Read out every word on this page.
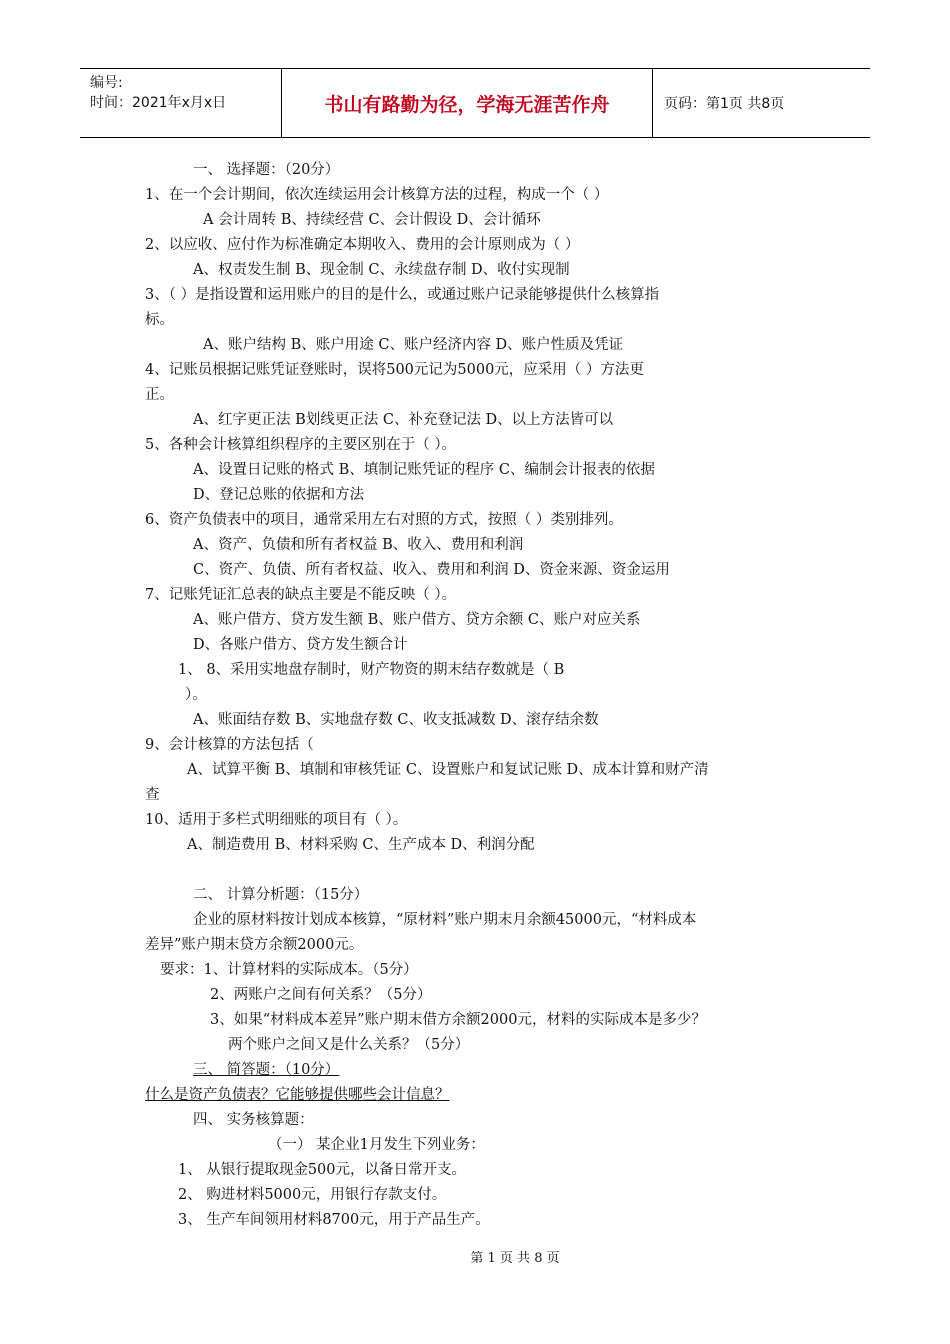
编号:
时间：2021年x月x日	书山有路勤为径，学海无涯苦作舟	页码：第1页 共8页
一、 选择题：（20分）
1、在一个会计期间，依次连续运用会计核算方法的过程，构成一个（ ）
A 会计周转 B、持续经营 C、会计假设 D、会计循环
2、以应收、应付作为标准确定本期收入、费用的会计原则成为（ ）
A、权责发生制 B、现金制 C、永续盘存制 D、收付实现制
3、（ ）是指设置和运用账户的目的是什么，或通过账户记录能够提供什么核算指
标。
A、账户结构 B、账户用途 C、账户经济内容 D、账户性质及凭证
4、记账员根据记账凭证登账时，误将500元记为5000元，应采用（ ）方法更
正。
A、红字更正法 B划线更正法 C、补充登记法 D、以上方法皆可以
5、各种会计核算组织程序的主要区别在于（ ）。
A、设置日记账的格式 B、填制记账凭证的程序 C、编制会计报表的依据
D、登记总账的依据和方法
6、资产负债表中的项目，通常采用左右对照的方式，按照（ ）类别排列。
A、资产、负债和所有者权益 B、收入、费用和利润
C、资产、负债、所有者权益、收入、费用和利润 D、资金来源、资金运用
7、记账凭证汇总表的缺点主要是不能反映（ ）。
A、账户借方、贷方发生额 B、账户借方、贷方余额 C、账户对应关系
D、各账户借方、贷方发生额合计
1、 8、采用实地盘存制时，财产物资的期末结存数就是（ B
）。
A、账面结存数 B、实地盘存数 C、收支抵减数 D、滚存结余数
9、会计核算的方法包括（
A、试算平衡 B、填制和审核凭证 C、设置账户和复试记账 D、成本计算和财产清
查
10、适用于多栏式明细账的项目有（ ）。
A、制造费用 B、材料采购 C、生产成本 D、利润分配
二、 计算分析题：（15分）
企业的原材料按计划成本核算，“原材料”账户期末月余额45000元，“材料成本
差异”账户期末贷方余额2000元。
要求：1、计算材料的实际成本。（5分）
2、两账户之间有何关系？（5分）
3、如果“材料成本差异”账户期末借方余额2000元，材料的实际成本是多少？
两个账户之间又是什么关系？（5分）
三、 简答题：（10分）
什么是资产负债表？它能够提供哪些会计信息？
四、 实务核算题：
（一） 某企业1月发生下列业务：
1、 从银行提取现金500元，以备日常开支。
2、 购进材料5000元，用银行存款支付。
3、 生产车间领用材料8700元，用于产品生产。
第 1 页 共 8 页
